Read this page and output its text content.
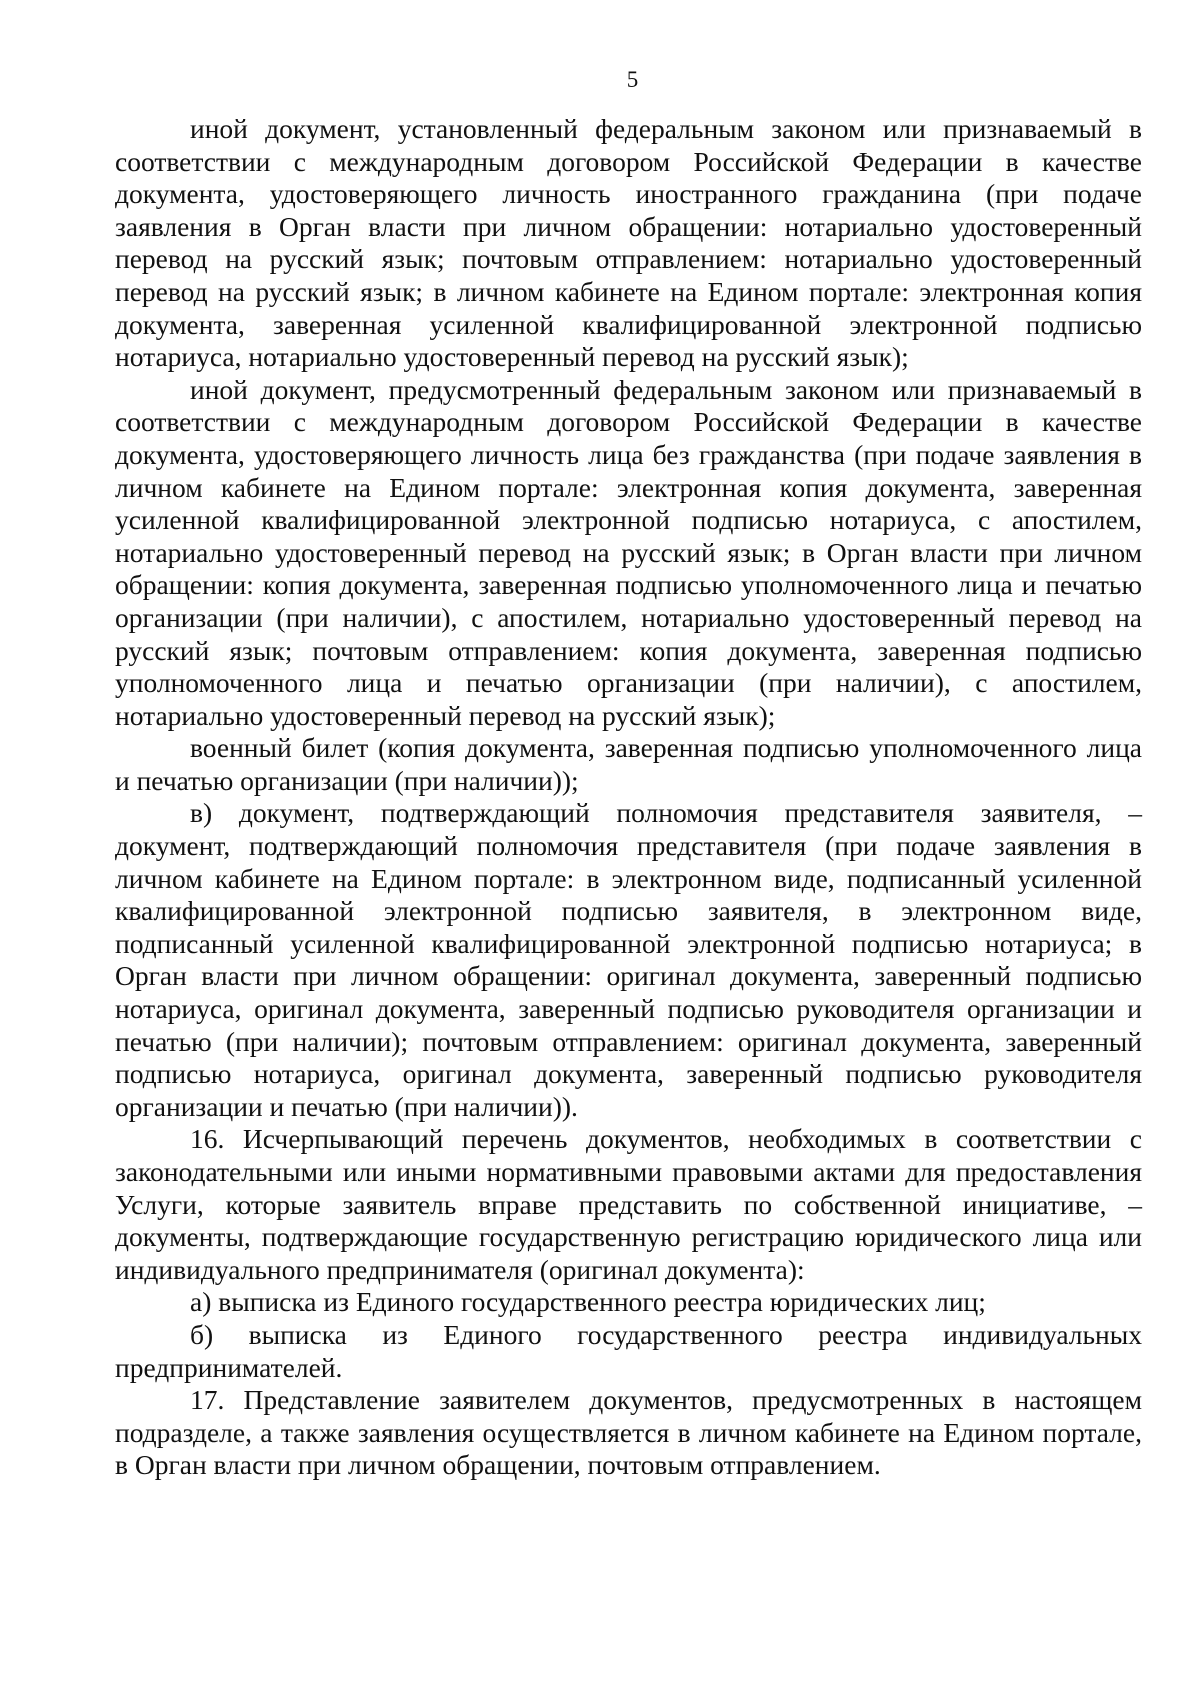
5

иной документ, установленный федеральным законом или признаваемый в соответствии с международным договором Российской Федерации в качестве документа, удостоверяющего личность иностранного гражданина (при подаче заявления в Орган власти при личном обращении: нотариально удостоверенный перевод на русский язык; почтовым отправлением: нотариально удостоверенный перевод на русский язык; в личном кабинете на Едином портале: электронная копия документа, заверенная усиленной квалифицированной электронной подписью нотариуса, нотариально удостоверенный перевод на русский язык);

иной документ, предусмотренный федеральным законом или признаваемый в соответствии с международным договором Российской Федерации в качестве документа, удостоверяющего личность лица без гражданства (при подаче заявления в личном кабинете на Едином портале: электронная копия документа, заверенная усиленной квалифицированной электронной подписью нотариуса, с апостилем, нотариально удостоверенный перевод на русский язык; в Орган власти при личном обращении: копия документа, заверенная подписью уполномоченного лица и печатью организации (при наличии), с апостилем, нотариально удостоверенный перевод на русский язык; почтовым отправлением: копия документа, заверенная подписью уполномоченного лица и печатью организации (при наличии), с апостилем, нотариально удостоверенный перевод на русский язык);

военный билет (копия документа, заверенная подписью уполномоченного лица и печатью организации (при наличии));

в) документ, подтверждающий полномочия представителя заявителя, – документ, подтверждающий полномочия представителя (при подаче заявления в личном кабинете на Едином портале: в электронном виде, подписанный усиленной квалифицированной электронной подписью заявителя, в электронном виде, подписанный усиленной квалифицированной электронной подписью нотариуса; в Орган власти при личном обращении: оригинал документа, заверенный подписью нотариуса, оригинал документа, заверенный подписью руководителя организации и печатью (при наличии); почтовым отправлением: оригинал документа, заверенный подписью нотариуса, оригинал документа, заверенный подписью руководителя организации и печатью (при наличии)).

16. Исчерпывающий перечень документов, необходимых в соответствии с законодательными или иными нормативными правовыми актами для предоставления Услуги, которые заявитель вправе представить по собственной инициативе, – документы, подтверждающие государственную регистрацию юридического лица или индивидуального предпринимателя (оригинал документа):

а) выписка из Единого государственного реестра юридических лиц;

б) выписка из Единого государственного реестра индивидуальных предпринимателей.

17. Представление заявителем документов, предусмотренных в настоящем подразделе, а также заявления осуществляется в личном кабинете на Едином портале, в Орган власти при личном обращении, почтовым отправлением.
